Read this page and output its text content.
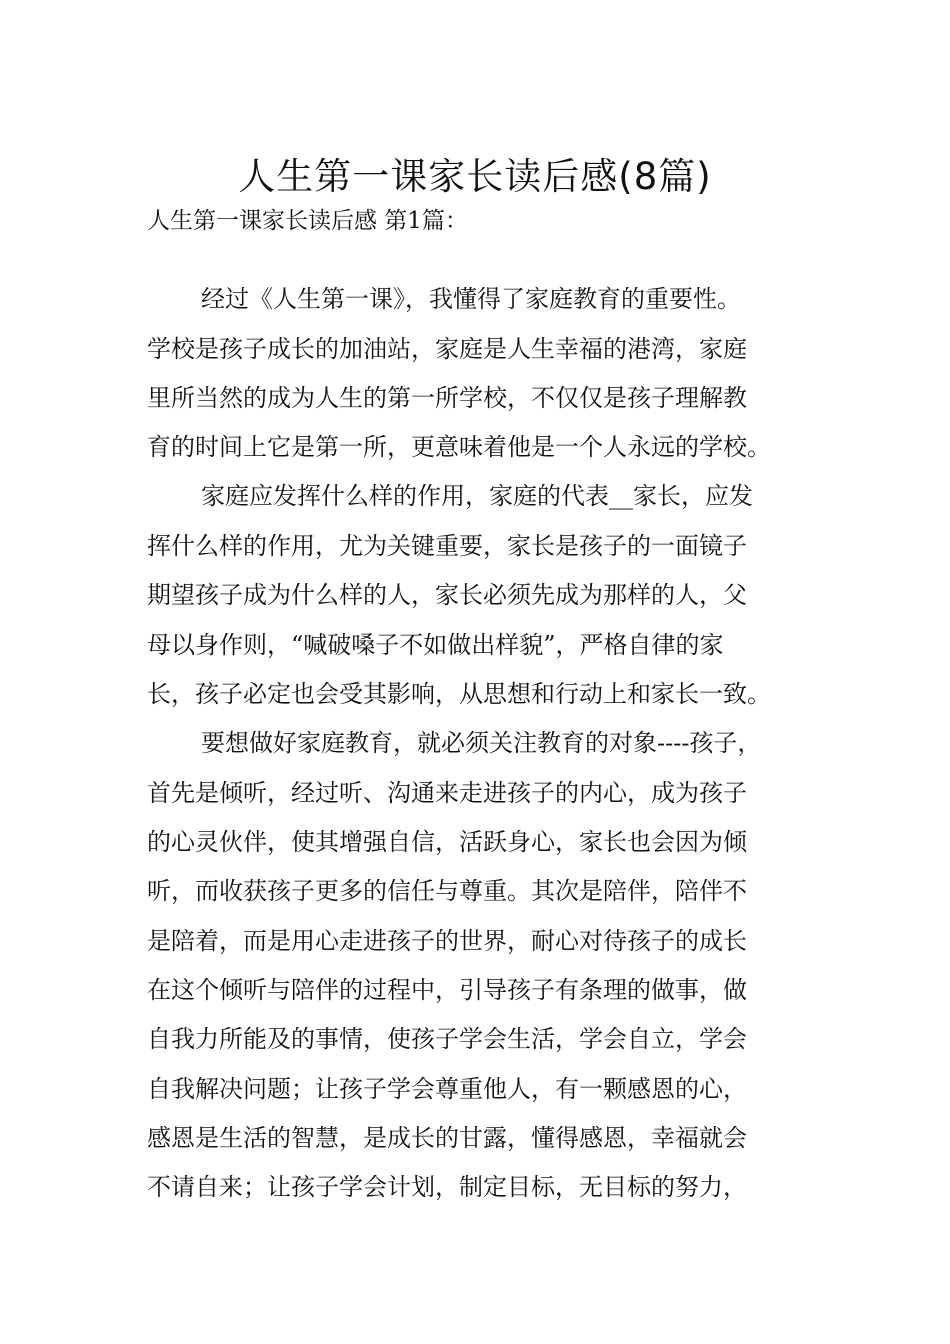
人生第一课家长读后感(8篇)
人生第一课家长读后感 第1篇：
经过《人生第一课》，我懂得了家庭教育的重要性。
学校是孩子成长的加油站，家庭是人生幸福的港湾，家庭
里所当然的成为人生的第一所学校，不仅仅是孩子理解教
育的时间上它是第一所，更意味着他是一个人永远的学校。
家庭应发挥什么样的作用，家庭的代表__家长，应发
挥什么样的作用，尤为关键重要，家长是孩子的一面镜子
期望孩子成为什么样的人，家长必须先成为那样的人，父
母以身作则，“喊破嗓子不如做出样貌”，严格自律的家
长，孩子必定也会受其影响，从思想和行动上和家长一致。
要想做好家庭教育，就必须关注教育的对象----孩子，
首先是倾听，经过听、沟通来走进孩子的内心，成为孩子
的心灵伙伴，使其增强自信，活跃身心，家长也会因为倾
听，而收获孩子更多的信任与尊重。其次是陪伴，陪伴不
是陪着，而是用心走进孩子的世界，耐心对待孩子的成长
在这个倾听与陪伴的过程中，引导孩子有条理的做事，做
自我力所能及的事情，使孩子学会生活，学会自立，学会
自我解决问题；让孩子学会尊重他人，有一颗感恩的心，
感恩是生活的智慧，是成长的甘露，懂得感恩，幸福就会
不请自来；让孩子学会计划，制定目标，无目标的努力，
